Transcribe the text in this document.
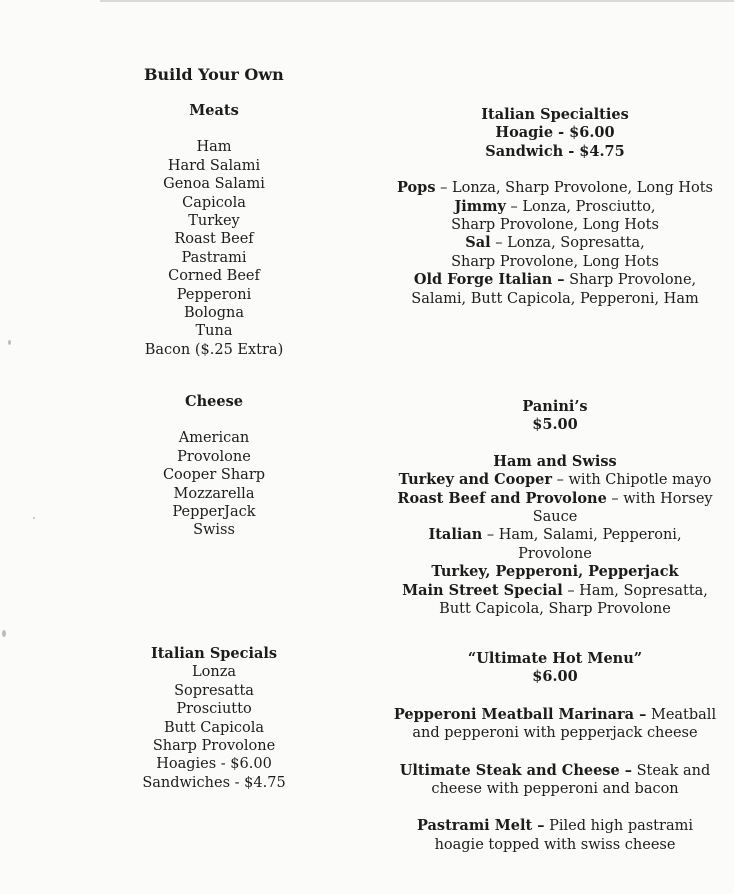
Build Your Own
Meats
Ham
Hard Salami
Genoa Salami
Capicola
Turkey
Roast Beef
Pastrami
Corned Beef
Pepperoni
Bologna
Tuna
Bacon ($.25 Extra)
Cheese
American
Provolone
Cooper Sharp
Mozzarella
PepperJack
Swiss
Italian Specials
Lonza
Sopresatta
Prosciutto
Butt Capicola
Sharp Provolone
Hoagies - $6.00
Sandwiches - $4.75
Italian Specialties
Hoagie - $6.00
Sandwich - $4.75
Pops – Lonza, Sharp Provolone, Long Hots
Jimmy – Lonza, Prosciutto,
Sharp Provolone, Long Hots
Sal – Lonza, Sopresatta,
Sharp Provolone, Long Hots
Old Forge Italian – Sharp Provolone,
Salami, Butt Capicola, Pepperoni, Ham
Panini’s
$5.00
Ham and Swiss
Turkey and Cooper – with Chipotle mayo
Roast Beef and Provolone – with Horsey
Sauce
Italian – Ham, Salami, Pepperoni,
Provolone
Turkey, Pepperoni, Pepperjack
Main Street Special – Ham, Sopresatta,
Butt Capicola, Sharp Provolone
“Ultimate Hot Menu”
$6.00
Pepperoni Meatball Marinara – Meatball
and pepperoni with pepperjack cheese
Ultimate Steak and Cheese – Steak and
cheese with pepperoni and bacon
Pastrami Melt – Piled high pastrami
hoagie topped with swiss cheese
